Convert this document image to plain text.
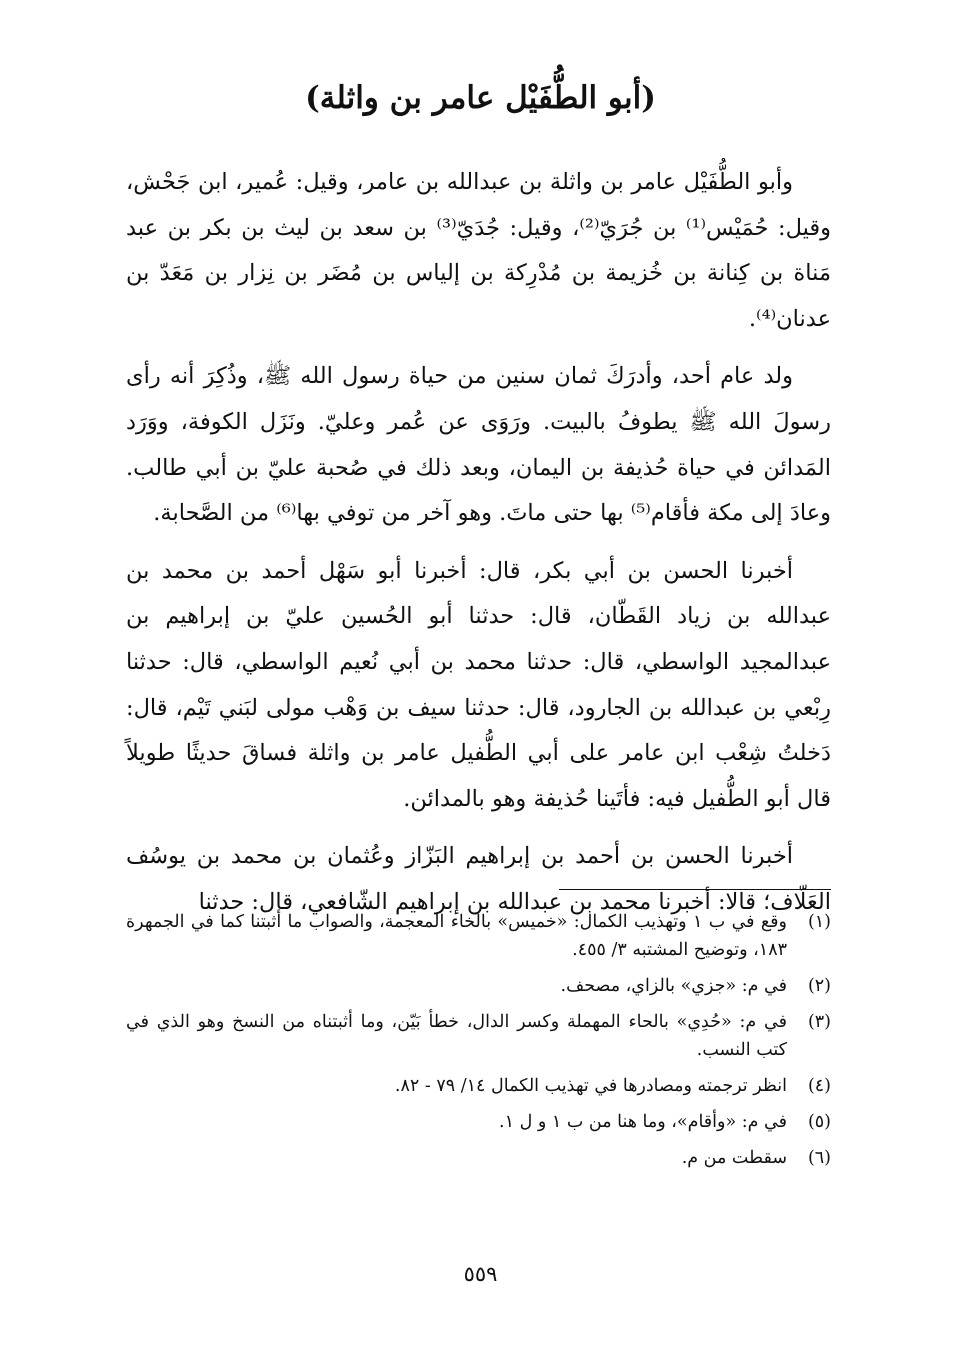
(أبو الطُّفَيْل عامر بن واثلة)

وأبو الطُّفَيْل عامر بن واثلة بن عبدالله بن عامر، وقيل: عُمير، ابن جَحْش، وقيل: حُمَيْس⁽¹⁾ بن جُرَيّ⁽²⁾، وقيل: جُدَيّ⁽³⁾ بن سعد بن ليث بن بكر بن عبد مَناة بن كِنانة بن خُزيمة بن مُدْرِكة بن إلياس بن مُضَر بن نِزار بن مَعَدّ بن عدنان⁽⁴⁾.

ولد عام أحد، وأدرَكَ ثمان سنين من حياة رسول الله ﷺ، وذُكِرَ أنه رأى رسولَ الله ﷺ يطوفُ بالبيت. ورَوَى عن عُمر وعليّ. ونَزَل الكوفة، ووَرَد المَدائن في حياة حُذيفة بن اليمان، وبعد ذلك في صُحبة عليّ بن أبي طالب. وعادَ إلى مكة فأقام⁽⁵⁾ بها حتى ماتَ. وهو آخر من توفي بها⁽⁶⁾ من الصَّحابة.

أخبرنا الحسن بن أبي بكر، قال: أخبرنا أبو سَهْل أحمد بن محمد بن عبدالله بن زياد القَطّان، قال: حدثنا أبو الحُسين عليّ بن إبراهيم بن عبدالمجيد الواسطي، قال: حدثنا محمد بن أبي نُعيم الواسطي، قال: حدثنا رِبْعي بن عبدالله بن الجارود، قال: حدثنا سيف بن وَهْب مولى لبَني تَيْم، قال: دَخلتُ شِعْب ابن عامر على أبي الطُّفيل عامر بن واثلة فساقَ حديثًا طويلاً قال أبو الطُّفيل فيه: فأتَينا حُذيفة وهو بالمدائن.

أخبرنا الحسن بن أحمد بن إبراهيم البَزّاز وعُثمان بن محمد بن يوسُف العَلّاف؛ قالا: أخبرنا محمد بن عبدالله بن إبراهيم الشّافعي، قال: حدثنا

(١)
وقع في ب ١ وتهذيب الكمال: «خميس» بالخاء المعجمة، والصواب ما أثبتنا كما في الجمهرة ١٨٣، وتوضيح المشتبه ٣/ ٤٥٥.
(٢)
في م: «جزي» بالزاي، مصحف.
(٣)
في م: «حُدِي» بالحاء المهملة وكسر الدال، خطأ بَيّن، وما أثبتناه من النسخ وهو الذي في كتب النسب.
(٤)
انظر ترجمته ومصادرها في تهذيب الكمال ١٤/ ٧٩ - ٨٢.
(٥)
في م: «وأقام»، وما هنا من ب ١ و ل ١.
(٦)
سقطت من م.
٥٥٩
